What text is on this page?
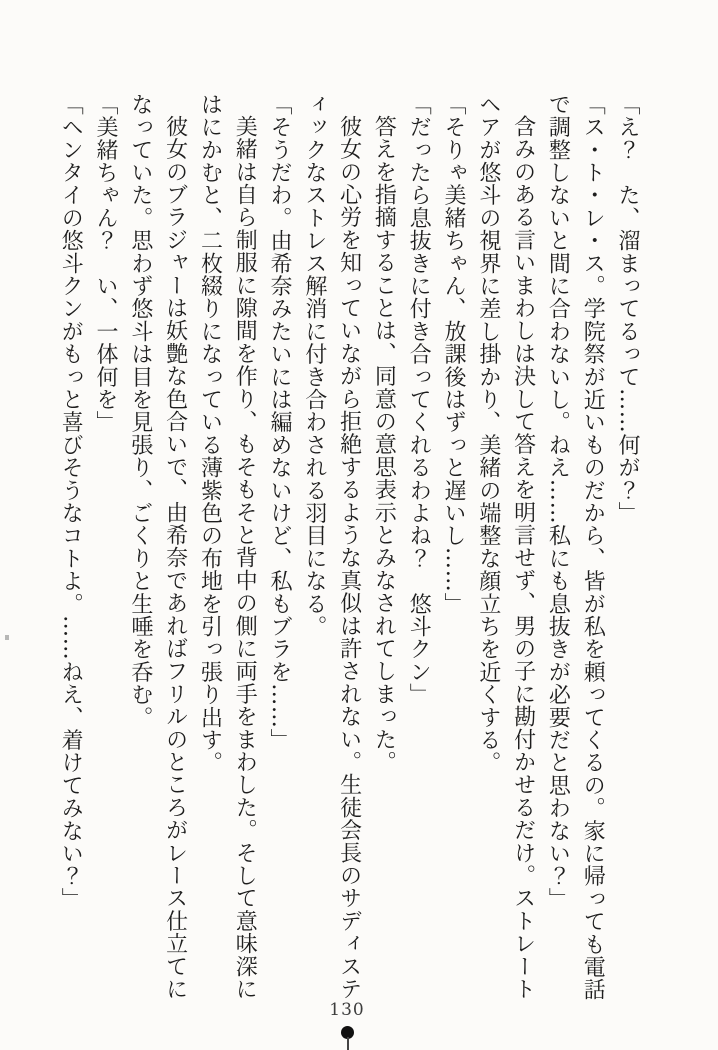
「え？　た、溜まってるって……何が？」

「ス・ト・レ・ス。学院祭が近いものだから、皆が私を頼ってくるの。家に帰っても電話

で調整しないと間に合わないし。ねえ……私にも息抜きが必要だと思わない？」

含みのある言いまわしは決して答えを明言せず、男の子に勘付かせるだけ。ストレート

ヘアが悠斗の視界に差し掛かり、美緒の端整な顔立ちを近くする。

「そりゃ美緒ちゃん、放課後はずっと遅いし……」

「だったら息抜きに付き合ってくれるわよね？　悠斗クン」

答えを指摘することは、同意の意思表示とみなされてしまった。

彼女の心労を知っていながら拒絶するような真似は許されない。生徒会長のサディステ

ィックなストレス解消に付き合わされる羽目になる。

「そうだわ。由希奈みたいには編めないけど、私もブラを……」

美緒は自ら制服に隙間を作り、もそもそと背中の側に両手をまわした。そして意味深に

はにかむと、二枚綴りになっている薄紫色の布地を引っ張り出す。

彼女のブラジャーは妖艶な色合いで、由希奈であればフリルのところがレース仕立てに

なっていた。思わず悠斗は目を見張り、ごくりと生唾を呑む。

「美緒ちゃん？　い、一体何を」

「ヘンタイの悠斗クンがもっと喜びそうなコトよ。……ねえ、着けてみない？」

130
